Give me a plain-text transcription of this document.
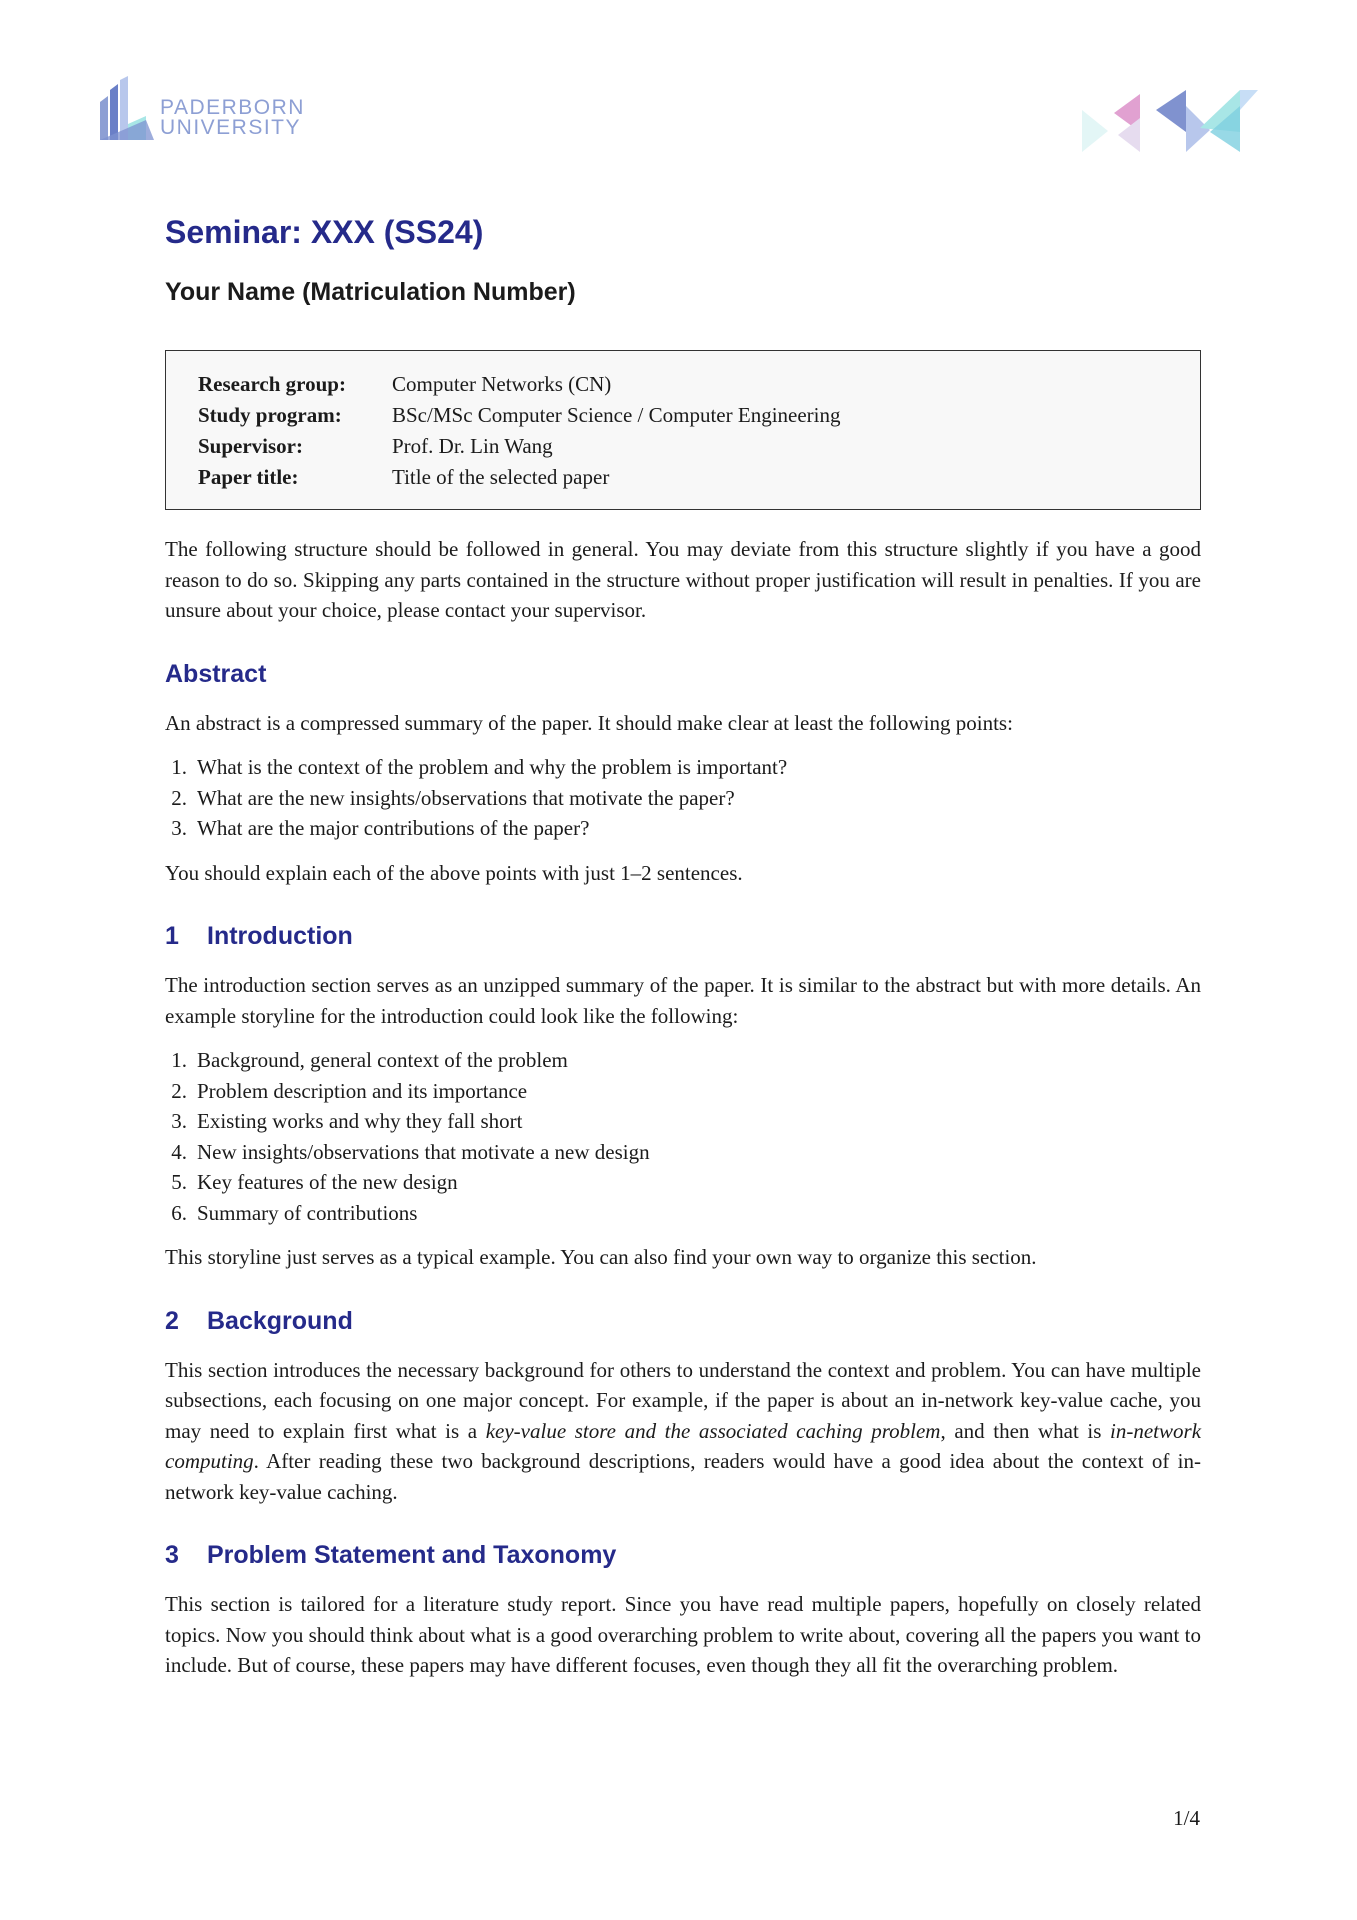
PADERBORN
UNIVERSITY
Seminar: XXX (SS24)
Your Name (Matriculation Number)
Research group:	Computer Networks (CN)
Study program:	BSc/MSc Computer Science / Computer Engineering
Supervisor:	Prof. Dr. Lin Wang
Paper title:	Title of the selected paper

The following structure should be followed in general. You may deviate from this structure slightly if you have a good reason to do so. Skipping any parts contained in the structure without proper justification will result in penalties. If you are unsure about your choice, please contact your supervisor.

Abstract

An abstract is a compressed summary of the paper. It should make clear at least the following points:

1. What is the context of the problem and why the problem is important?
2. What are the new insights/observations that motivate the paper?
3. What are the major contributions of the paper?

You should explain each of the above points with just 1–2 sentences.

1 Introduction

The introduction section serves as an unzipped summary of the paper. It is similar to the abstract but with more details. An example storyline for the introduction could look like the following:

1. Background, general context of the problem
2. Problem description and its importance
3. Existing works and why they fall short
4. New insights/observations that motivate a new design
5. Key features of the new design
6. Summary of contributions

This storyline just serves as a typical example. You can also find your own way to organize this section.

2 Background

This section introduces the necessary background for others to understand the context and problem. You can have multiple subsections, each focusing on one major concept. For example, if the paper is about an in-network key-value cache, you may need to explain first what is a key-value store and the associated caching problem, and then what is in-network computing. After reading these two background descriptions, readers would have a good idea about the context of in-network key-value caching.

3 Problem Statement and Taxonomy

This section is tailored for a literature study report. Since you have read multiple papers, hopefully on closely related topics. Now you should think about what is a good overarching problem to write about, covering all the papers you want to include. But of course, these papers may have different focuses, even though they all fit the overarching problem.

1/4
